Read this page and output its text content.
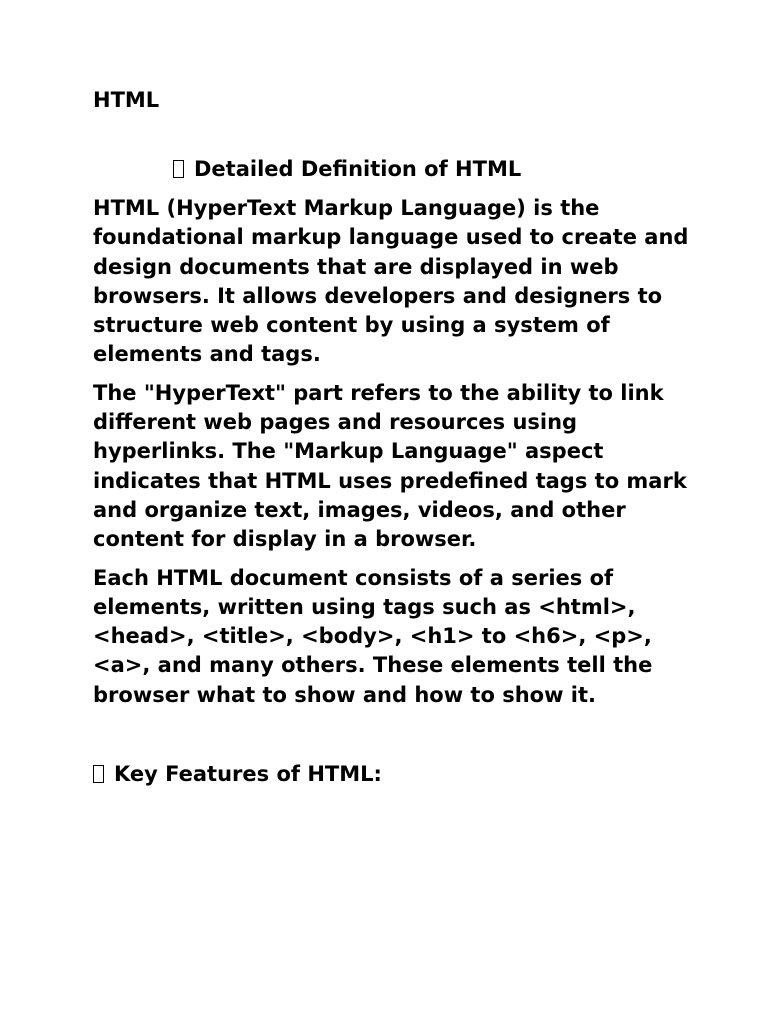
HTML
Detailed Definition of HTML

HTML (HyperText Markup Language) is the foundational markup language used to create and design documents that are displayed in web browsers. It allows developers and designers to structure web content by using a system of elements and tags.

The "HyperText" part refers to the ability to link different web pages and resources using hyperlinks. The "Markup Language" aspect indicates that HTML uses predefined tags to mark and organize text, images, videos, and other content for display in a browser.

Each HTML document consists of a series of elements, written using tags such as <html>, <head>, <title>, <body>, <h1> to <h6>, <p>, <a>, and many others. These elements tell the browser what to show and how to show it.

Key Features of HTML:
